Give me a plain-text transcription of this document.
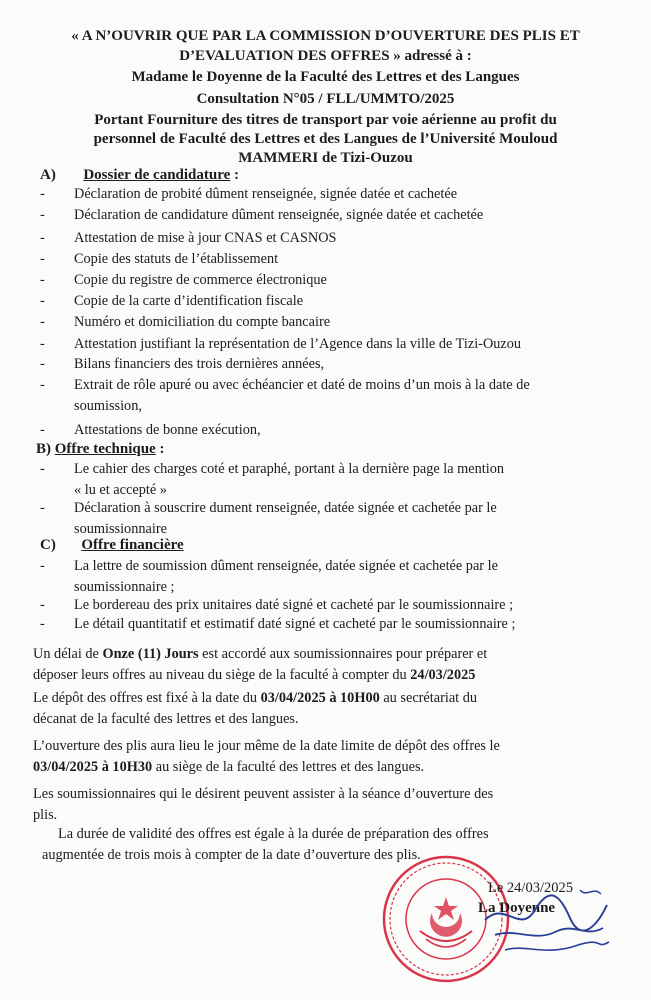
« A N’OUVRIR QUE PAR LA COMMISSION D’OUVERTURE DES PLIS ET
D’EVALUATION DES OFFRES » adressé à :
Madame le Doyenne de la Faculté des Lettres et des Langues
Consultation N°05 / FLL/UMMTO/2025
Portant Fourniture des titres de transport par voie aérienne au profit du
personnel de Faculté des Lettres et des Langues de l’Université Mouloud
MAMMERI de Tizi-Ouzou
A) Dossier de candidature :
- Déclaration de probité dûment renseignée, signée datée et cachetée
- Déclaration de candidature dûment renseignée, signée datée et cachetée
- Attestation de mise à jour CNAS et CASNOS
- Copie des statuts de l’établissement
- Copie du registre de commerce électronique
- Copie de la carte d’identification fiscale
- Numéro et domiciliation du compte bancaire
- Attestation justifiant la représentation de l’Agence dans la ville de Tizi-Ouzou
- Bilans financiers des trois dernières années,
- Extrait de rôle apuré ou avec échéancier et daté de moins d’un mois à la date de
soumission,
- Attestations de bonne exécution,
B) Offre technique :
- Le cahier des charges coté et paraphé, portant à la dernière page la mention
« lu et accepté »
- Déclaration à souscrire dument renseignée, datée signée et cachetée par le
soumissionnaire
C) Offre financière
- La lettre de soumission dûment renseignée, datée signée et cachetée par le
soumissionnaire ;
- Le bordereau des prix unitaires daté signé et cacheté par le soumissionnaire ;
- Le détail quantitatif et estimatif daté signé et cacheté par le soumissionnaire ;
Un délai de Onze (11) Jours est accordé aux soumissionnaires pour préparer et
déposer leurs offres au niveau du siège de la faculté à compter du 24/03/2025
Le dépôt des offres est fixé à la date du 03/04/2025 à 10H00 au secrétariat du
décanat de la faculté des lettres et des langues.
L’ouverture des plis aura lieu le jour même de la date limite de dépôt des offres le
03/04/2025 à 10H30 au siège de la faculté des lettres et des langues.
Les soumissionnaires qui le désirent peuvent assister à la séance d’ouverture des
plis.
La durée de validité des offres est égale à la durée de préparation des offres
augmentée de trois mois à compter de la date d’ouverture des plis.
Le 24/03/2025
La Doyenne
